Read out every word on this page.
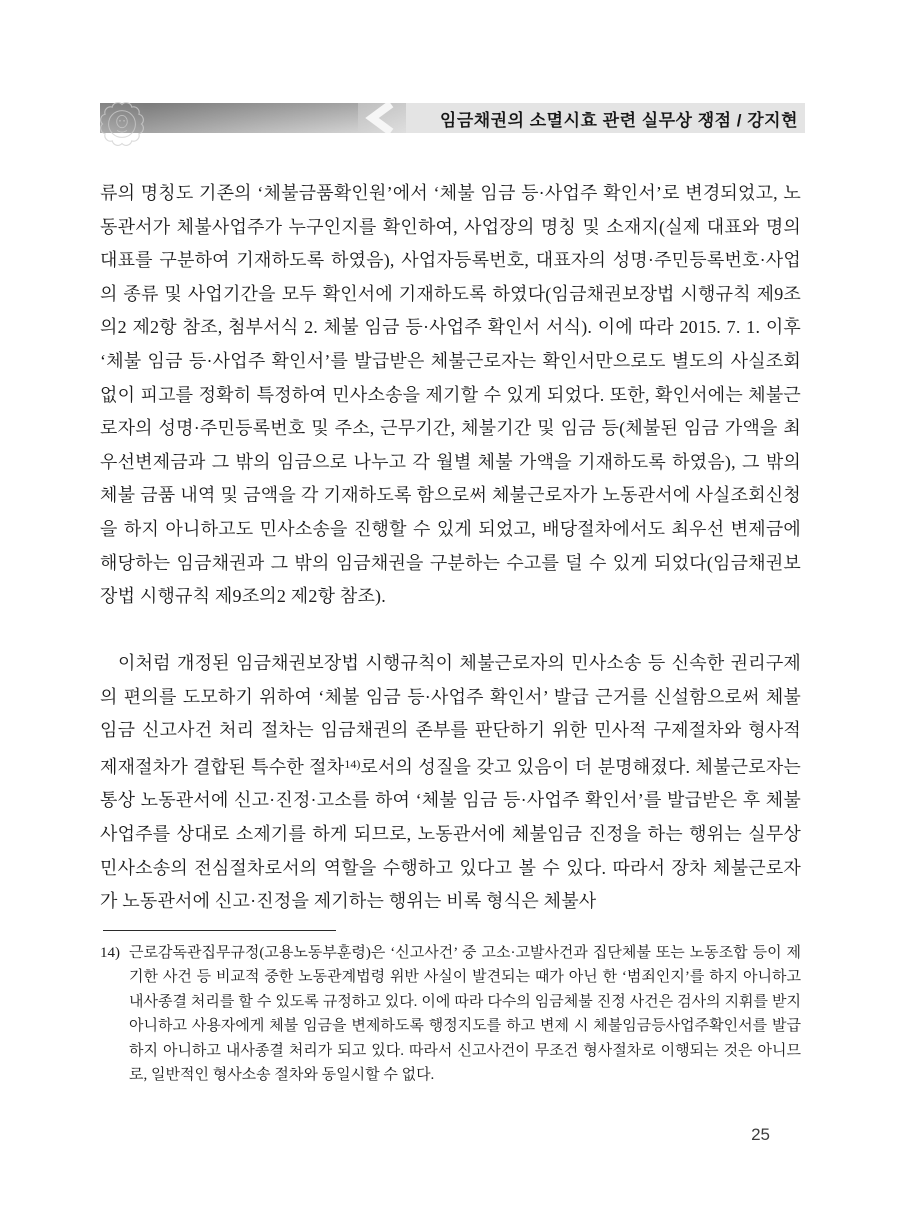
임금채권의 소멸시효 관련 실무상 쟁점 / 강지현
류의 명칭도 기존의 ‘체불금품확인원’에서 ‘체불 임금 등·사업주 확인서’로 변경되었고, 노동관서가 체불사업주가 누구인지를 확인하여, 사업장의 명칭 및 소재지(실제 대표와 명의 대표를 구분하여 기재하도록 하였음), 사업자등록번호, 대표자의 성명·주민등록번호·사업의 종류 및 사업기간을 모두 확인서에 기재하도록 하였다(임금채권보장법 시행규칙 제9조의2 제2항 참조, 첨부서식 2. 체불 임금 등·사업주 확인서 서식). 이에 따라 2015. 7. 1. 이후 ‘체불 임금 등·사업주 확인서’를 발급받은 체불근로자는 확인서만으로도 별도의 사실조회 없이 피고를 정확히 특정하여 민사소송을 제기할 수 있게 되었다. 또한, 확인서에는 체불근로자의 성명·주민등록번호 및 주소, 근무기간, 체불기간 및 임금 등(체불된 임금 가액을 최우선변제금과 그 밖의 임금으로 나누고 각 월별 체불 가액을 기재하도록 하였음), 그 밖의 체불 금품 내역 및 금액을 각 기재하도록 함으로써 체불근로자가 노동관서에 사실조회신청을 하지 아니하고도 민사소송을 진행할 수 있게 되었고, 배당절차에서도 최우선 변제금에 해당하는 임금채권과 그 밖의 임금채권을 구분하는 수고를 덜 수 있게 되었다(임금채권보장법 시행규칙 제9조의2 제2항 참조).
이처럼 개정된 임금채권보장법 시행규칙이 체불근로자의 민사소송 등 신속한 권리구제의 편의를 도모하기 위하여 ‘체불 임금 등·사업주 확인서’ 발급 근거를 신설함으로써 체불임금 신고사건 처리 절차는 임금채권의 존부를 판단하기 위한 민사적 구제절차와 형사적 제재절차가 결합된 특수한 절차$^{14)}$로서의 성질을 갖고 있음이 더 분명해졌다. 체불근로자는 통상 노동관서에 신고·진정·고소를 하여 ‘체불 임금 등·사업주 확인서’를 발급받은 후 체불사업주를 상대로 소제기를 하게 되므로, 노동관서에 체불임금 진정을 하는 행위는 실무상 민사소송의 전심절차로서의 역할을 수행하고 있다고 볼 수 있다. 따라서 장차 체불근로자가 노동관서에 신고·진정을 제기하는 행위는 비록 형식은 체불사
14) 근로감독관집무규정(고용노동부훈령)은 ‘신고사건’ 중 고소·고발사건과 집단체불 또는 노동조합 등이 제기한 사건 등 비교적 중한 노동관계법령 위반 사실이 발견되는 때가 아닌 한 ‘범죄인지’를 하지 아니하고 내사종결 처리를 할 수 있도록 규정하고 있다. 이에 따라 다수의 임금체불 진정 사건은 검사의 지휘를 받지 아니하고 사용자에게 체불 임금을 변제하도록 행정지도를 하고 변제 시 체불임금등사업주확인서를 발급하지 아니하고 내사종결 처리가 되고 있다. 따라서 신고사건이 무조건 형사절차로 이행되는 것은 아니므로, 일반적인 형사소송 절차와 동일시할 수 없다.
25
